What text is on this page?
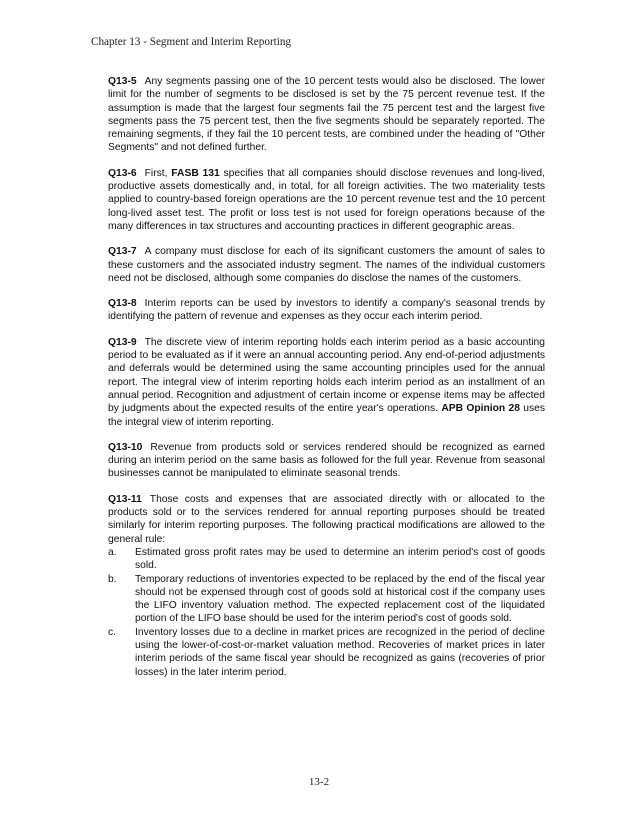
Chapter 13 - Segment and Interim Reporting

Q13-5 Any segments passing one of the 10 percent tests would also be disclosed. The lower limit for the number of segments to be disclosed is set by the 75 percent revenue test. If the assumption is made that the largest four segments fail the 75 percent test and the largest five segments pass the 75 percent test, then the five segments should be separately reported. The remaining segments, if they fail the 10 percent tests, are combined under the heading of "Other Segments" and not defined further.

Q13-6 First, FASB 131 specifies that all companies should disclose revenues and long-lived, productive assets domestically and, in total, for all foreign activities. The two materiality tests applied to country-based foreign operations are the 10 percent revenue test and the 10 percent long-lived asset test. The profit or loss test is not used for foreign operations because of the many differences in tax structures and accounting practices in different geographic areas.

Q13-7 A company must disclose for each of its significant customers the amount of sales to these customers and the associated industry segment. The names of the individual customers need not be disclosed, although some companies do disclose the names of the customers.

Q13-8 Interim reports can be used by investors to identify a company's seasonal trends by identifying the pattern of revenue and expenses as they occur each interim period.

Q13-9 The discrete view of interim reporting holds each interim period as a basic accounting period to be evaluated as if it were an annual accounting period. Any end-of-period adjustments and deferrals would be determined using the same accounting principles used for the annual report. The integral view of interim reporting holds each interim period as an installment of an annual period. Recognition and adjustment of certain income or expense items may be affected by judgments about the expected results of the entire year's operations. APB Opinion 28 uses the integral view of interim reporting.

Q13-10 Revenue from products sold or services rendered should be recognized as earned during an interim period on the same basis as followed for the full year. Revenue from seasonal businesses cannot be manipulated to eliminate seasonal trends.

Q13-11 Those costs and expenses that are associated directly with or allocated to the products sold or to the services rendered for annual reporting purposes should be treated similarly for interim reporting purposes. The following practical modifications are allowed to the general rule:

a. Estimated gross profit rates may be used to determine an interim period's cost of goods sold.

b. Temporary reductions of inventories expected to be replaced by the end of the fiscal year should not be expensed through cost of goods sold at historical cost if the company uses the LIFO inventory valuation method. The expected replacement cost of the liquidated portion of the LIFO base should be used for the interim period's cost of goods sold.

c. Inventory losses due to a decline in market prices are recognized in the period of decline using the lower-of-cost-or-market valuation method. Recoveries of market prices in later interim periods of the same fiscal year should be recognized as gains (recoveries of prior losses) in the later interim period.

13-2
